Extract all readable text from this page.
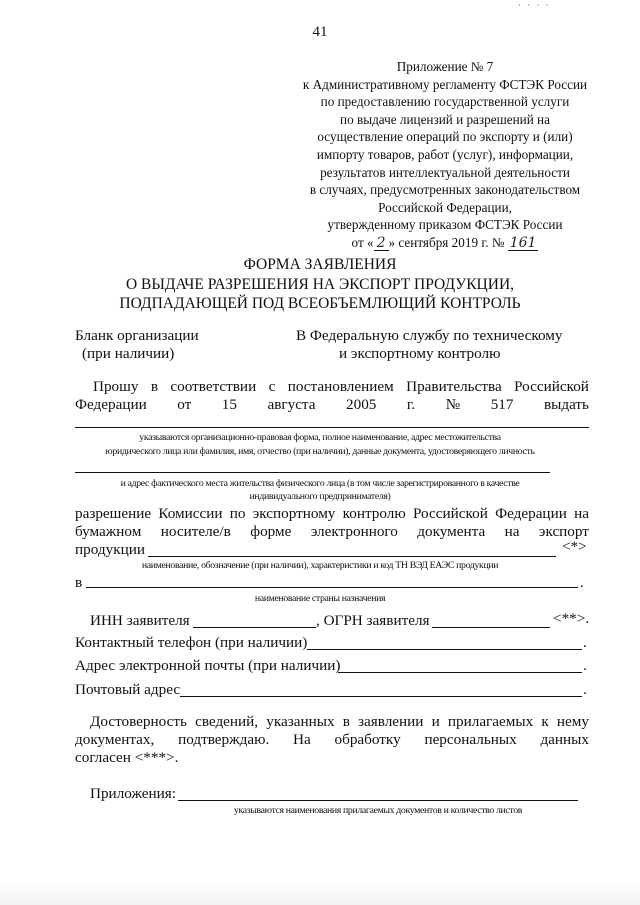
· · · ·
41
Приложение № 7
к Административному регламенту ФСТЭК России
по предоставлению государственной услуги
по выдаче лицензий и разрешений на
осуществление операций по экспорту и (или)
импорту товаров, работ (услуг), информации,
результатов интеллектуальной деятельности
в случаях, предусмотренных законодательством
Российской Федерации,
утвержденному приказом ФСТЭК России
от « 2 » сентября 2019 г. № 161
ФОРМА ЗАЯВЛЕНИЯ
О ВЫДАЧЕ РАЗРЕШЕНИЯ НА ЭКСПОРТ ПРОДУКЦИИ,
ПОДПАДАЮЩЕЙ ПОД ВСЕОБЪЕМЛЮЩИЙ КОНТРОЛЬ
Бланк организации
(при наличии)
В Федеральную службу по техническому
и экспортному контролю
Прошу в соответствии с постановлением Правительства Российской
Федерации от 15 августа 2005 г. № 517 выдать
указываются организационно-правовая форма, полное наименование, адрес местожительства
юридического лица или фамилия, имя, отчество (при наличии), данные документа, удостоверяющего личность
и адрес фактического места жительства физического лица (в том числе зарегистрированного в качестве
индивидуального предпринимателя)
разрешение Комиссии по экспортному контролю Российской Федерации на
бумажном носителе/в форме электронного документа на экспорт
продукции	<*>
наименование, обозначение (при наличии), характеристики и код ТН ВЭД ЕАЭС продукции
в	.
наименование страны назначения
ИНН заявителя	, ОГРН заявителя	<**>.
Контактный телефон (при наличии)	.
Адрес электронной почты (при наличии)	.
Почтовый адрес	.
Достоверность сведений, указанных в заявлении и прилагаемых к нему
документах, подтверждаю. На обработку персональных данных
согласен <***>.
Приложения:
указываются наименования прилагаемых документов и количество листов
